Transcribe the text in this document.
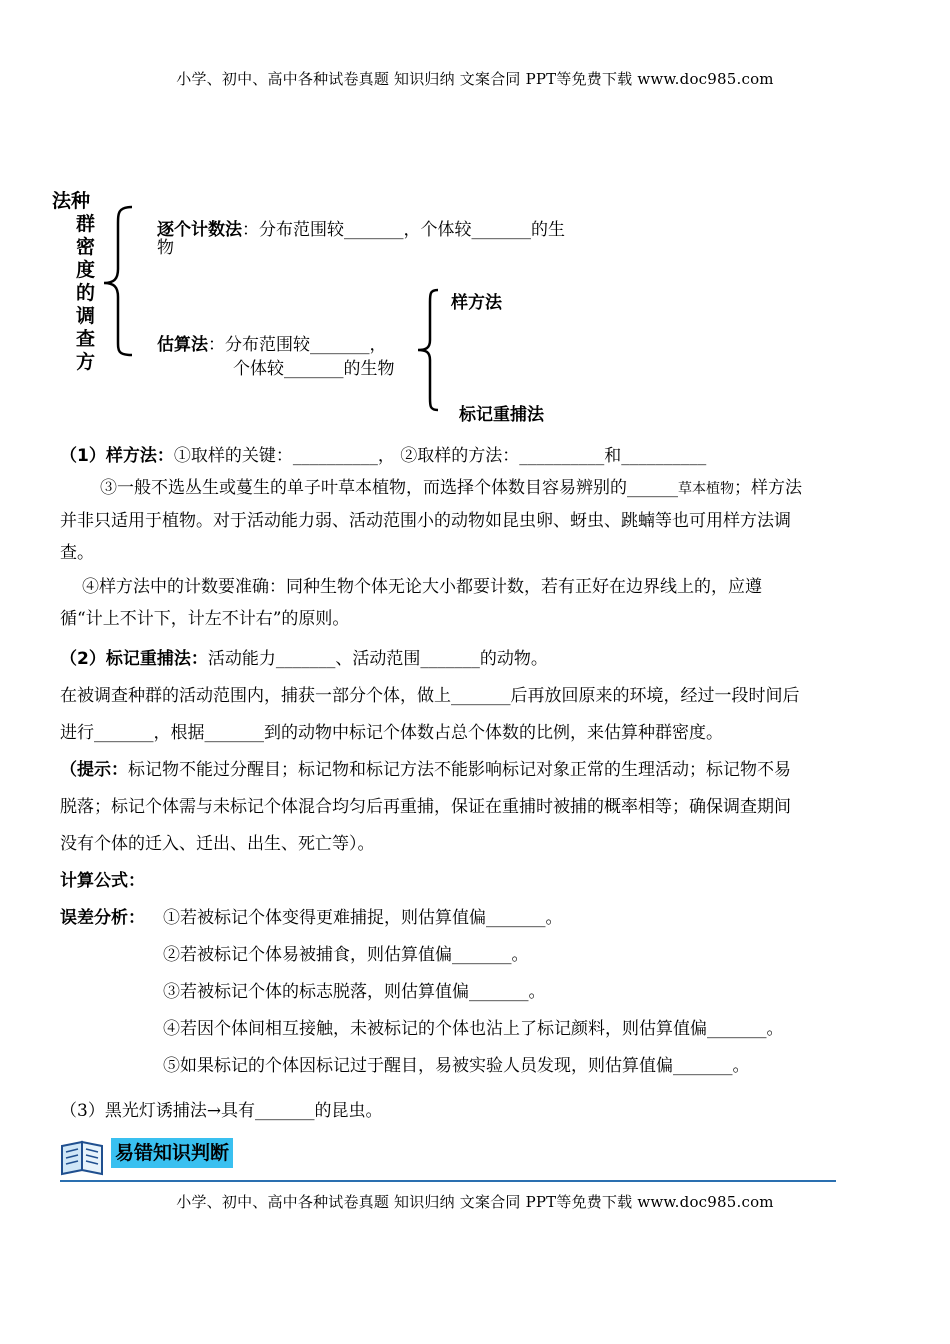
小学、初中、高中各种试卷真题 知识归纳 文案合同 PPT等免费下载 www.doc985.com
法种
群密度的调查方
逐个计数法：分布范围较_______，个体较_______的生
物
估算法：分布范围较_______，
个体较_______的生物
样方法
标记重捕法
（1）样方法：①取样的关键：__________， ②取样的方法：__________和__________
③一般不选丛生或蔓生的单子叶草本植物，而选择个体数目容易辨别的______草本植物；样方法
并非只适用于植物。对于活动能力弱、活动范围小的动物如昆虫卵、蚜虫、跳蝻等也可用样方法调
查。
④样方法中的计数要准确：同种生物个体无论大小都要计数，若有正好在边界线上的，应遵
循“计上不计下，计左不计右”的原则。
（2）标记重捕法：活动能力_______、活动范围_______的动物。
在被调查种群的活动范围内，捕获一部分个体，做上_______后再放回原来的环境，经过一段时间后
进行_______，根据_______到的动物中标记个体数占总个体数的比例，来估算种群密度。
（提示：标记物不能过分醒目；标记物和标记方法不能影响标记对象正常的生理活动；标记物不易
脱落；标记个体需与未标记个体混合均匀后再重捕，保证在重捕时被捕的概率相等；确保调查期间
没有个体的迁入、迁出、出生、死亡等）。
计算公式：
误差分析： ①若被标记个体变得更难捕捉，则估算值偏_______。
②若被标记个体易被捕食，则估算值偏_______。
③若被标记个体的标志脱落，则估算值偏_______。
④若因个体间相互接触，未被标记的个体也沾上了标记颜料，则估算值偏_______。
⑤如果标记的个体因标记过于醒目，易被实验人员发现，则估算值偏_______。
（3）黑光灯诱捕法→具有_______的昆虫。
易错知识判断
小学、初中、高中各种试卷真题 知识归纳 文案合同 PPT等免费下载 www.doc985.com
